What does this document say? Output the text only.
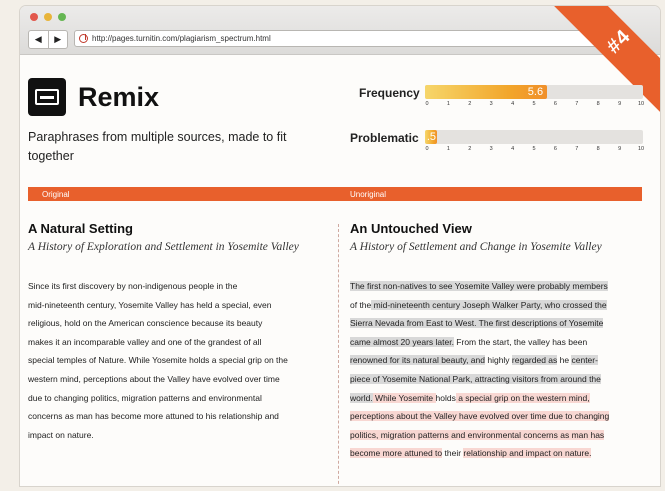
◀	▶	http://pages.turnitin.com/plagiarism_spectrum.html	#4
Remix
Paraphrases from multiple sources, made to fit together
Frequency	5.6
0	1	2	3	4	5	6	7	8	9	10
Problematic .5
0	1	2	3	4	5	6	7	8	9	10
Original	Unoriginal
A Natural Setting
A History of Exploration and Settlement in Yosemite Valley
An Untouched View
A History of Settlement and Change in Yosemite Valley
Since its first discovery by non-indigenous people in the
mid-nineteenth century, Yosemite Valley has held a special, even
religious, hold on the American conscience because its beauty
makes it an incomparable valley and one of the grandest of all
special temples of Nature. While Yosemite holds a special grip on the
western mind, perceptions about the Valley have evolved over time
due to changing politics, migration patterns and environmental
concerns as man has become more attuned to his relationship and
impact on nature.
The first non-natives to see Yosemite Valley were probably members
of the mid-nineteenth century Joseph Walker Party, who crossed the
Sierra Nevada from East to West. The first descriptions of Yosemite
came almost 20 years later. From the start, the valley has been
renowned for its natural beauty, and highly regarded as he center-
piece of Yosemite National Park, attracting visitors from around the
world. While Yosemite holds a special grip on the western mind,
perceptions about the Valley have evolved over time due to changing
politics, migration patterns and environmental concerns as man has
become more attuned to their relationship and impact on nature.
